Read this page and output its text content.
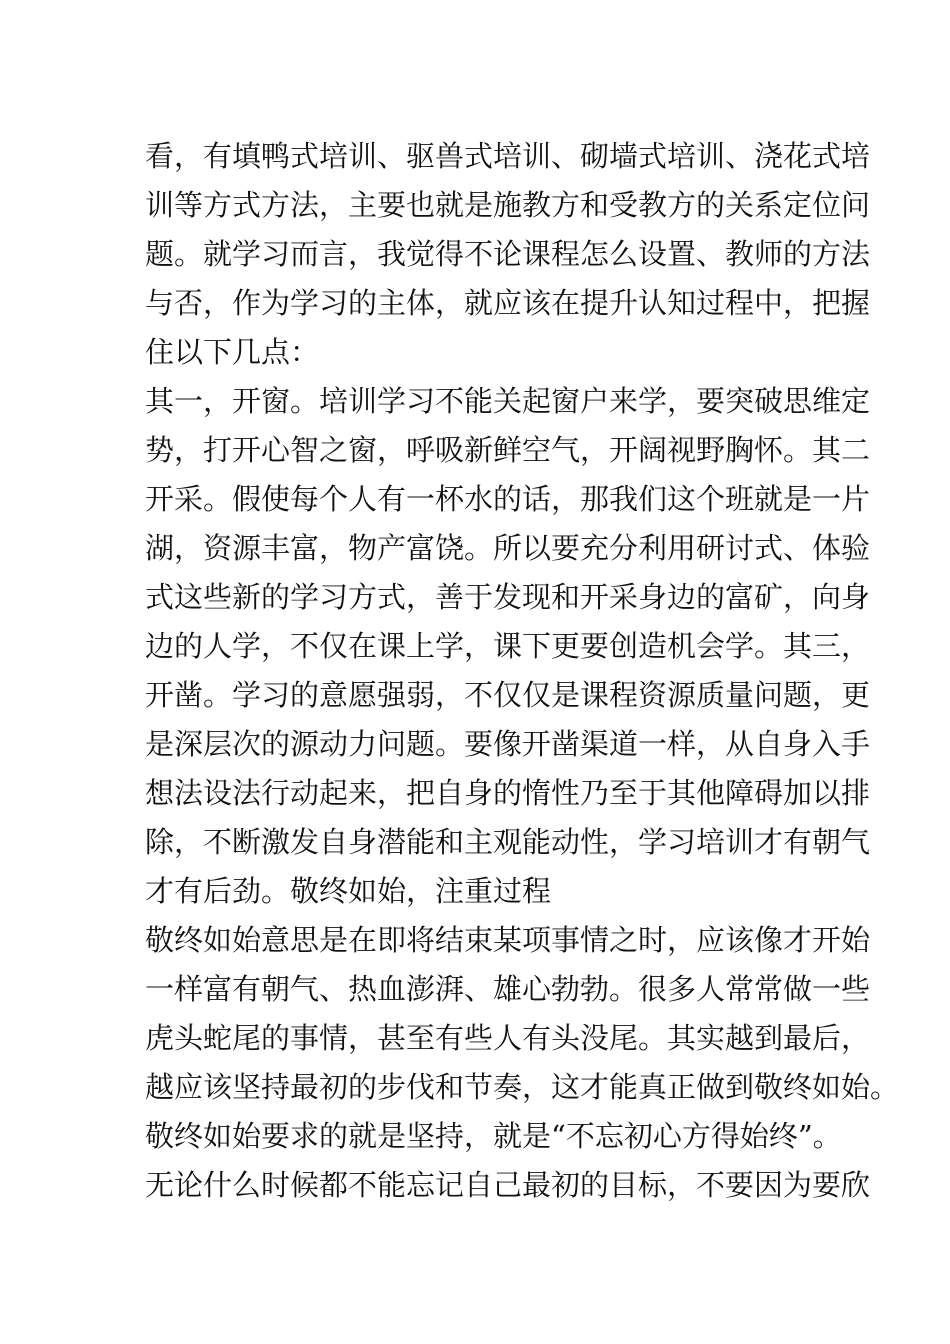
看，有填鸭式培训、驱兽式培训、砌墙式培训、浇花式培
训等方式方法，主要也就是施教方和受教方的关系定位问
题。就学习而言，我觉得不论课程怎么设置、教师的方法
与否，作为学习的主体，就应该在提升认知过程中，把握
住以下几点：
其一，开窗。培训学习不能关起窗户来学，要突破思维定
势，打开心智之窗，呼吸新鲜空气，开阔视野胸怀。其二
开采。假使每个人有一杯水的话，那我们这个班就是一片
湖，资源丰富，物产富饶。所以要充分利用研讨式、体验
式这些新的学习方式，善于发现和开采身边的富矿，向身
边的人学，不仅在课上学，课下更要创造机会学。其三，
开凿。学习的意愿强弱，不仅仅是课程资源质量问题，更
是深层次的源动力问题。要像开凿渠道一样，从自身入手
想法设法行动起来，把自身的惰性乃至于其他障碍加以排
除，不断激发自身潜能和主观能动性，学习培训才有朝气
才有后劲。敬终如始，注重过程
敬终如始意思是在即将结束某项事情之时，应该像才开始
一样富有朝气、热血澎湃、雄心勃勃。很多人常常做一些
虎头蛇尾的事情，甚至有些人有头没尾。其实越到最后，
越应该坚持最初的步伐和节奏，这才能真正做到敬终如始。
敬终如始要求的就是坚持，就是“不忘初心方得始终”。
无论什么时候都不能忘记自己最初的目标，不要因为要欣
